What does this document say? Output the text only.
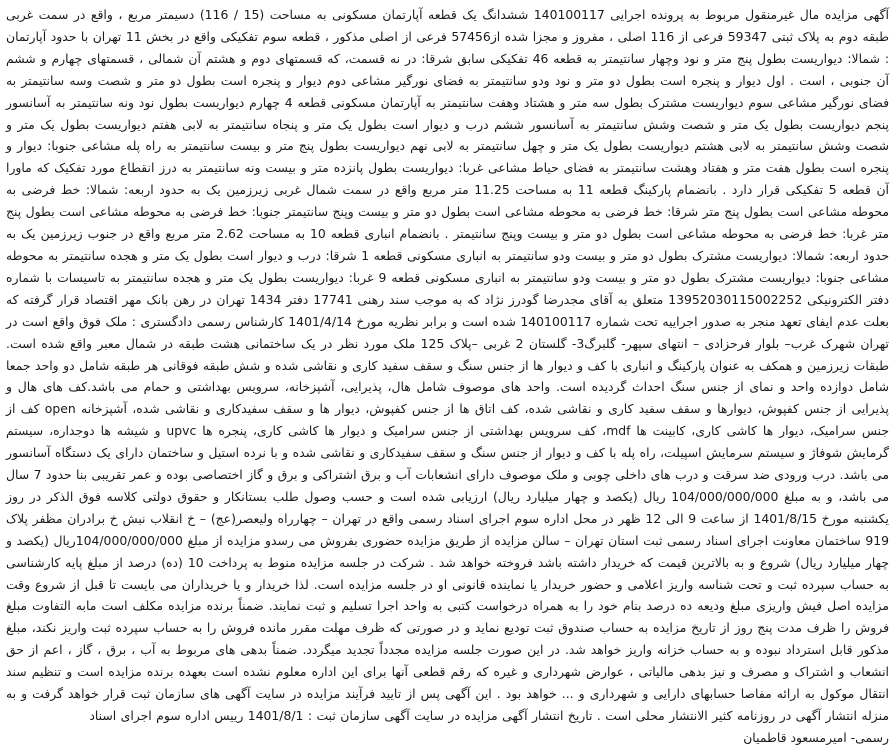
آگهی مزایده مال غیرمنقول مربوط به پرونده اجرایی 140100117 ششدانگ یک قطعه آپارتمان مسکونی به مساحت (15 / 116) دسیمتر مربع ، واقع در سمت غربی طبقه دوم به پلاک ثبتی 59347 فرعی از 116 اصلی ، مفروز و مجزا شده از57456 فرعی از اصلی مذکور ، قطعه سوم تفکیکی واقع در بخش 11 تهران با حدود آپارتمان : شمالا: دیواریست بطول پنج متر و نود وچهار سانتیمتر به قطعه 46 تفکیکی سابق شرقا: در نه قسمت، که قسمتهای دوم و هشتم آن شمالی ، قسمتهای چهارم و ششم آن جنوبی ، است . اول دیوار و پنجره است بطول دو متر و نود ودو سانتیمتر به فضای نورگیر مشاعی دوم دیوار و پنجره است بطول دو متر و شصت وسه سانتیمتر به فضای نورگیر مشاعی سوم دیواریست مشترک بطول سه متر و هشتاد وهفت سانتیمتر به آپارتمان مسکونی قطعه 4 چهارم دیواریست بطول نود ونه سانتیمتر به آسانسور پنجم دیواریست بطول یک متر و شصت وشش سانتیمتر به آسانسور ششم درب و دیوار است بطول یک متر و پنجاه سانتیمتر به لابی هفتم دیواریست بطول یک متر و شصت وشش سانتیمتر به لابی هشتم دیواریست بطول یک متر و چهل سانتیمتر به لابی نهم دیواریست بطول پنج متر و بیست سانتیمتر به راه پله مشاعی جنوبا: دیوار و پنجره است بطول هفت متر و هفتاد وهشت سانتیمتر به فضای حیاط مشاعی غربا: دیواریست بطول پانزده متر و بیست ونه سانتیمتر به درز انقطاع مورد تفکیک که ماورا آن قطعه 5 تفکیکی قرار دارد . بانضمام پارکینگ قطعه 11 به مساحت 11.25 متر مربع واقع در سمت شمال غربی زیرزمین یک به حدود اربعه: شمالا: خط فرضی به محوطه مشاعی است بطول پنج متر شرقا: خط فرضی به محوطه مشاعی است بطول دو متر و بیست وپنج سانتیمتر جنوبا: خط فرضی به محوطه مشاعی است بطول پنج متر غربا: خط فرضی به محوطه مشاعی است بطول دو متر و بیست وپنج سانتیمتر . بانضمام انباری قطعه 10 به مساحت 2.62 متر مربع واقع در جنوب زیرزمین یک به حدود اربعه: شمالا: دیواریست مشترک بطول دو متر و بیست ودو سانتیمتر به انباری مسکونی قطعه 1 شرقا: درب و دیوار است بطول یک متر و هجده سانتیمتر به محوطه مشاعی جنوبا: دیواریست مشترک بطول دو متر و بیست ودو سانتیمتر به انباری مسکونی قطعه 9 غربا: دیواریست بطول یک متر و هجده سانتیمتر به تاسیسات با شماره دفتر الکترونیکی 13952030115002252 متعلق به آقای مجدرضا گودرز نژاد که به موجب سند رهنی 17741 دفتر 1434 تهران در رهن بانک مهر اقتصاد قرار گرفته که بعلت عدم ایفای تعهد منجر به صدور اجراییه تحت شماره 140100117 شده است و برابر نظریه مورخ 1401/4/14 کارشناس رسمی دادگستری : ملک فوق واقع است در تهران شهرک غرب– بلوار فرحزادی – انتهای سپهر- گلبرگ3- گلستان 2 غربی –پلاک 125 ملک مورد نظر در یک ساختمانی هشت طبقه در شمال معبر واقع شده است. طبقات زیرزمین و همکف به عنوان پارکینگ و انباری با کف و دیوار ها از جنس سنگ و سقف سفید کاری و نقاشی شده و شش طبقه فوقانی هر طبقه شامل دو واحد جمعا شامل دوازده واحد و نمای از جنس سنگ احداث گردیده است. واحد های موصوف شامل هال، پذیرایی، آشپزخانه، سرویس بهداشتی و حمام می باشد.کف های هال و پذیرایی از جنس کفپوش، دیوارها و سقف سفید کاری و نقاشی شده، کف اتاق ها از جنس کفپوش، دیوار ها و سقف سفیدکاری و نقاشی شده، آشپزخانه open کف از جنس سرامیک، دیوار ها کاشی کاری، کابینت ها mdf، کف سرویس بهداشتی از جنس سرامیک و دیوار ها کاشی کاری، پنجره ها upvc و شیشه ها دوجداره، سیستم گرمایش شوفاژ و سیستم سرمایش اسپیلت، راه پله با کف و دیوار از جنس سنگ و سقف سفیدکاری و نقاشی شده و با نرده استیل و ساختمان دارای یک دستگاه آسانسور می باشد. درب ورودی ضد سرقت و درب های داخلی چوبی و ملک موصوف دارای انشعابات آب و برق اشتراکی و برق و گاز اختصاصی بوده و عمر تقریبی بنا حدود 7 سال می باشد، و به مبلغ 104/000/000/000 ریال (یکصد و چهار میلیارد ریال) ارزیابی شده است و حسب وصول طلب بستانکار و حقوق دولتی کلاسه فوق الذکر در روز یکشنبه مورخ 1401/8/15 از ساعت 9 الی 12 ظهر در محل اداره سوم اجرای اسناد رسمی واقع در تهران – چهارراه ولیعصر(عج) – خ انقلاب نبش خ برادران مظفر پلاک 919 ساختمان معاونت اجرای اسناد رسمی ثبت استان تهران – سالن مزایده از طریق مزایده حضوری بفروش می رسدو مزایده از مبلغ 104/000/000/000ریال (یکصد و چهار میلیارد ریال) شروع و به بالاترین قیمت که خریدار داشته باشد فروخته خواهد شد . شرکت در جلسه مزایده منوط به پرداخت 10 (ده) درصد از مبلغ پایه کارشناسی به حساب سپرده ثبت و تحت شناسه واریز اعلامی و حضور خریدار یا نماینده قانونی او در جلسه مزایده است. لذا خریدار و یا خریداران می بایست تا قبل از شروع وقت مزایده اصل فیش واریزی مبلغ ودیعه ده درصد بنام خود را به همراه درخواست کتبی به واحد اجرا تسلیم و ثبت نمایند. ضمناً برنده مزایده مکلف است مابه التفاوت مبلغ فروش را ظرف مدت پنج روز از تاریخ مزایده به حساب صندوق ثبت تودیع نماید و در صورتی که ظرف مهلت مقرر مانده فروش را به حساب سپرده ثبت واریز نکند، مبلغ مذکور قابل استرداد نبوده و به حساب خزانه واریز خواهد شد. در این صورت جلسه مزایده مجدداً تجدید میگردد. ضمناً بدهی های مربوط به آب ، برق ، گاز ، اعم از حق انشعاب و اشتراک و مصرف و نیز بدهی مالیاتی ، عوارض شهرداری و غیره که رقم قطعی آنها برای این اداره معلوم نشده است بعهده برنده مزایده است و تنظیم سند انتقال موکول به ارائه مفاصا حسابهای دارایی و شهرداری و ... خواهد بود . این آگهی پس از تایید فرآیند مزایده در سایت آگهی های سازمان ثبت قرار خواهد گرفت و به منزله انتشار آگهی در روزنامه کثیر الانتشار محلی است . تاریخ انتشار آگهی مزایده در سایت آگهی سازمان ثبت : 1401/8/1 رییس اداره سوم اجرای اسناد

رسمی- امیرمسعود قاطمیان
